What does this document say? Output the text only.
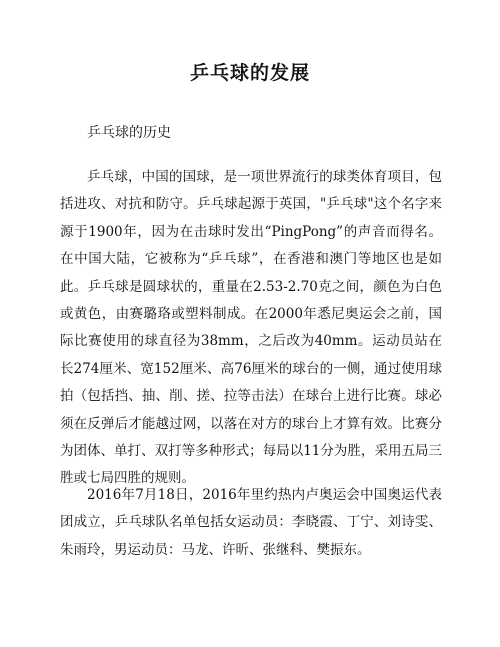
乒乓球的发展

乒乓球的历史

乒乓球，中国的国球，是一项世界流行的球类体育项目，包括进攻、对抗和防守。乒乓球起源于英国，"乒乓球"这个名字来源于1900年，因为在击球时发出“PingPong”的声音而得名。在中国大陆，它被称为“乒乓球”，在香港和澳门等地区也是如此。乒乓球是圆球状的，重量在2.53-2.70克之间，颜色为白色或黄色，由赛璐珞或塑料制成。在2000年悉尼奥运会之前，国际比赛使用的球直径为38mm，之后改为40mm。运动员站在长274厘米、宽152厘米、高76厘米的球台的一侧，通过使用球拍（包括挡、抽、削、搓、拉等击法）在球台上进行比赛。球必须在反弹后才能越过网，以落在对方的球台上才算有效。比赛分为团体、单打、双打等多种形式；每局以11分为胜，采用五局三胜或七局四胜的规则。

2016年7月18日，2016年里约热内卢奥运会中国奥运代表团成立，乒乓球队名单包括女运动员：李晓霞、丁宁、刘诗雯、朱雨玲，男运动员：马龙、许昕、张继科、樊振东。
